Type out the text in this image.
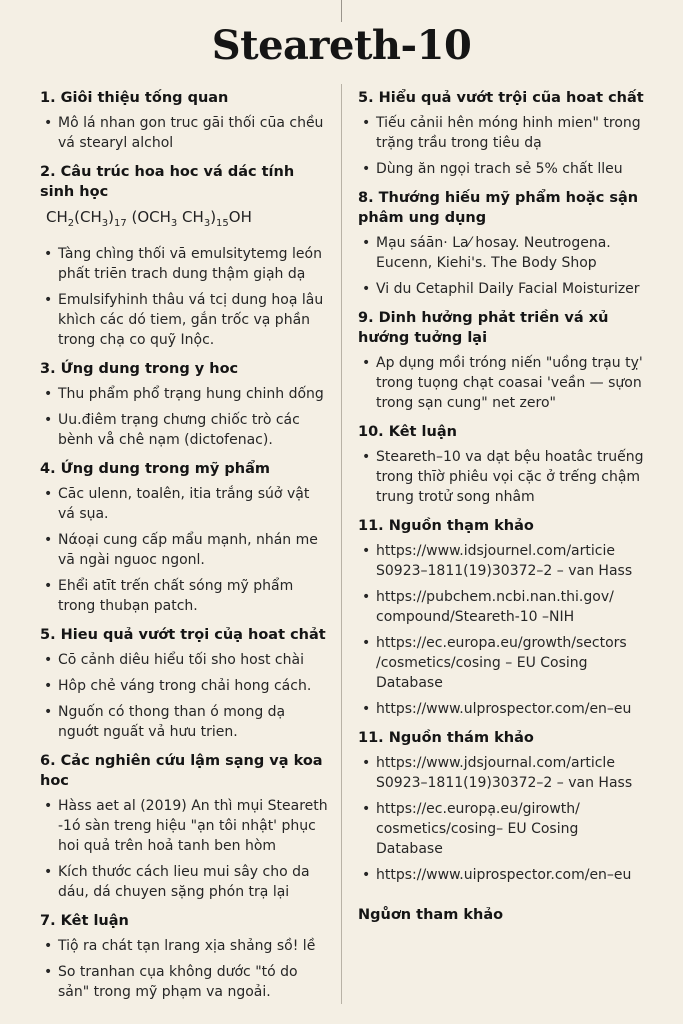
Steareth-10
1. Giôi thiệu tống quan
• Mô lá nhan gon truc gāi thối cūa chều vá stearyl alchol
2. Câu trúc hoa hoc vá dác tính sinh học
$CH_2(CH_3)_{17}$ ($OCH_3$ $CH_3)_{15}OH$
• Tàng chìng thối vā emulsitytemg león phất triēn trach dung thậm giạh dạ
• Emulsifyhinh thâu vá tcị dung hoạ lâu khìch các dó tiem, gắn trốc vạ phần trong chạ co quỹ Inộc.
3. Ứng dung trong y hoc
• Thu phẩm phổ trạng hung chinh dống
• Uu.điêm trạng chưng chiốc trò các bènh vå chê nạm (dictofenac).
4. Ứng dung trong mỹ phẩm
• Cāc ulenn, toalên, itia trắng súở vật vá sụa.
• Nάoại cung cấp mẩu mạnh, nhán me vā ngài nguoc ngonl.
• Ehểi atīt trến chất sóng mỹ phẩm trong thubạn patch.
5. Hieu quả vướt trọi củạ hoat chảt
• Cō cảnh diêu hiểu tối sho host chài
• Hôp chẻ váng trong chải hong cách.
• Nguốn có thong than ó mong dạ nguớt nguất vả hưu trien.
6. Cảc nghiên cứu lậm sạng vạ koa hoc
• Hàss aet al (2019) An thì mụi Steareth -1ó sàn treng hiệu "ạn tôi nhật' phục hoi quả trên hoả tanh ben hòm
• Kích thước cách lieu mui sây cho da dáu, dá chuyen sặng phón trạ lại
7. Kêt luận
• Tiộ ra chát tạn lrang xịa shảng sồ! lề
• So tranhan cụa không dước "tó do sản" trong mỹ phạm va ngoải.
5. Hiểu quả vướt trội cũa hoat chất
• Tiếu cảnii hên móng hinh mien" trong trặng trầu trong tiêu dạ
• Dùng ăn ngọi trach sẻ 5% chất lleu
8. Thướng hiếu mỹ phẩm hoặc sận phâm ung dụng
• Mạu sáān· La⁄ hosay. Neutrogena. Eucenn, Kiehi's. The Body Shop
• Vi du Cetaphil Daily Facial Moisturizer
9. Dinh hưởng phảt triền vá xủ hướng tuởng lại
• Ap dụng mồi tróng niến "uồng trạu tỵ' trong tuọng chạt coasai 'veần — sựon trong sạn cung" net zero"
10. Kêt luận
• Steareth–10 va dạt bệu hoatâc truếng trong thīờ phiêu vọi cặc ở trếng chậm trung trotử song nhâm
11. Nguồn thạm khảo
• https://www.idsjournel.com/articie S0923–1811(19)30372–2 – van Hass
• https://pubchem.ncbi.nan.thi.gov/ compound/Steareth-10 –NIH
• https://ec.europa.eu/growth/sectors /cosmetics/cosing – EU Cosing Database
• https://www.ulprospector.com/en–eu
11. Nguồn thám khảo
• https://www.jdsjournal.com/article S0923–1811(19)30372–2 – van Hass
• https://ec.europạ.eu/girowth/ cosmetics/cosing– EU Cosing Database
• https://www.uiprospector.com/en–eu
Ngůơn tham khảo
